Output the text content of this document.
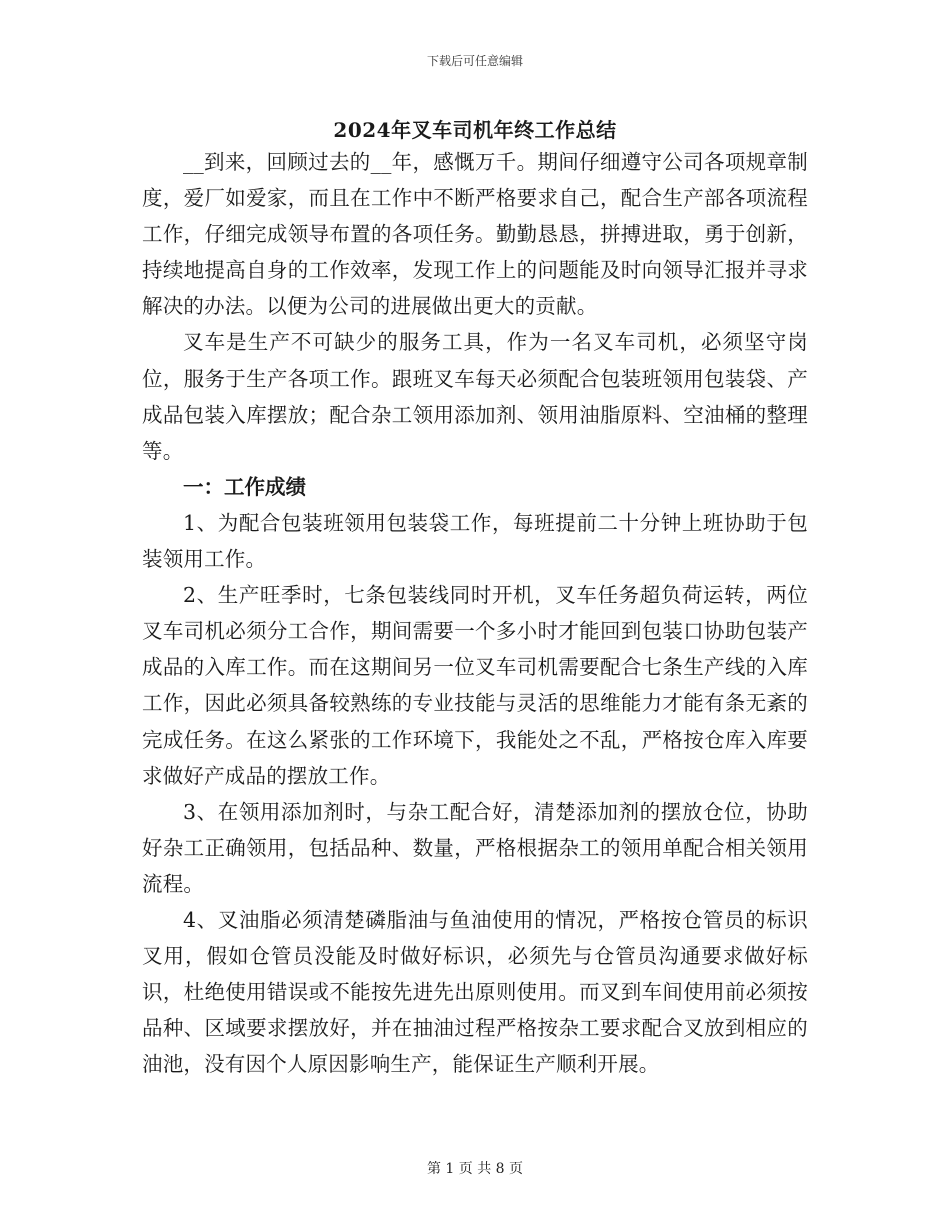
下载后可任意编辑
2024年叉车司机年终工作总结

__到来，回顾过去的__年，感慨万千。期间仔细遵守公司各项规章制度，爱厂如爱家，而且在工作中不断严格要求自己，配合生产部各项流程工作，仔细完成领导布置的各项任务。勤勤恳恳，拼搏进取，勇于创新，持续地提高自身的工作效率，发现工作上的问题能及时向领导汇报并寻求解决的办法。以便为公司的进展做出更大的贡献。

叉车是生产不可缺少的服务工具，作为一名叉车司机，必须坚守岗位，服务于生产各项工作。跟班叉车每天必须配合包装班领用包装袋、产成品包装入库摆放；配合杂工领用添加剂、领用油脂原料、空油桶的整理等。

一：工作成绩

1、为配合包装班领用包装袋工作，每班提前二十分钟上班协助于包装领用工作。

2、生产旺季时，七条包装线同时开机，叉车任务超负荷运转，两位叉车司机必须分工合作，期间需要一个多小时才能回到包装口协助包装产成品的入库工作。而在这期间另一位叉车司机需要配合七条生产线的入库工作，因此必须具备较熟练的专业技能与灵活的思维能力才能有条无紊的完成任务。在这么紧张的工作环境下，我能处之不乱，严格按仓库入库要求做好产成品的摆放工作。

3、在领用添加剂时，与杂工配合好，清楚添加剂的摆放仓位，协助好杂工正确领用，包括品种、数量，严格根据杂工的领用单配合相关领用流程。

4、叉油脂必须清楚磷脂油与鱼油使用的情况，严格按仓管员的标识叉用，假如仓管员没能及时做好标识，必须先与仓管员沟通要求做好标识，杜绝使用错误或不能按先进先出原则使用。而叉到车间使用前必须按品种、区域要求摆放好，并在抽油过程严格按杂工要求配合叉放到相应的油池，没有因个人原因影响生产，能保证生产顺利开展。

第 1 页 共 8 页
